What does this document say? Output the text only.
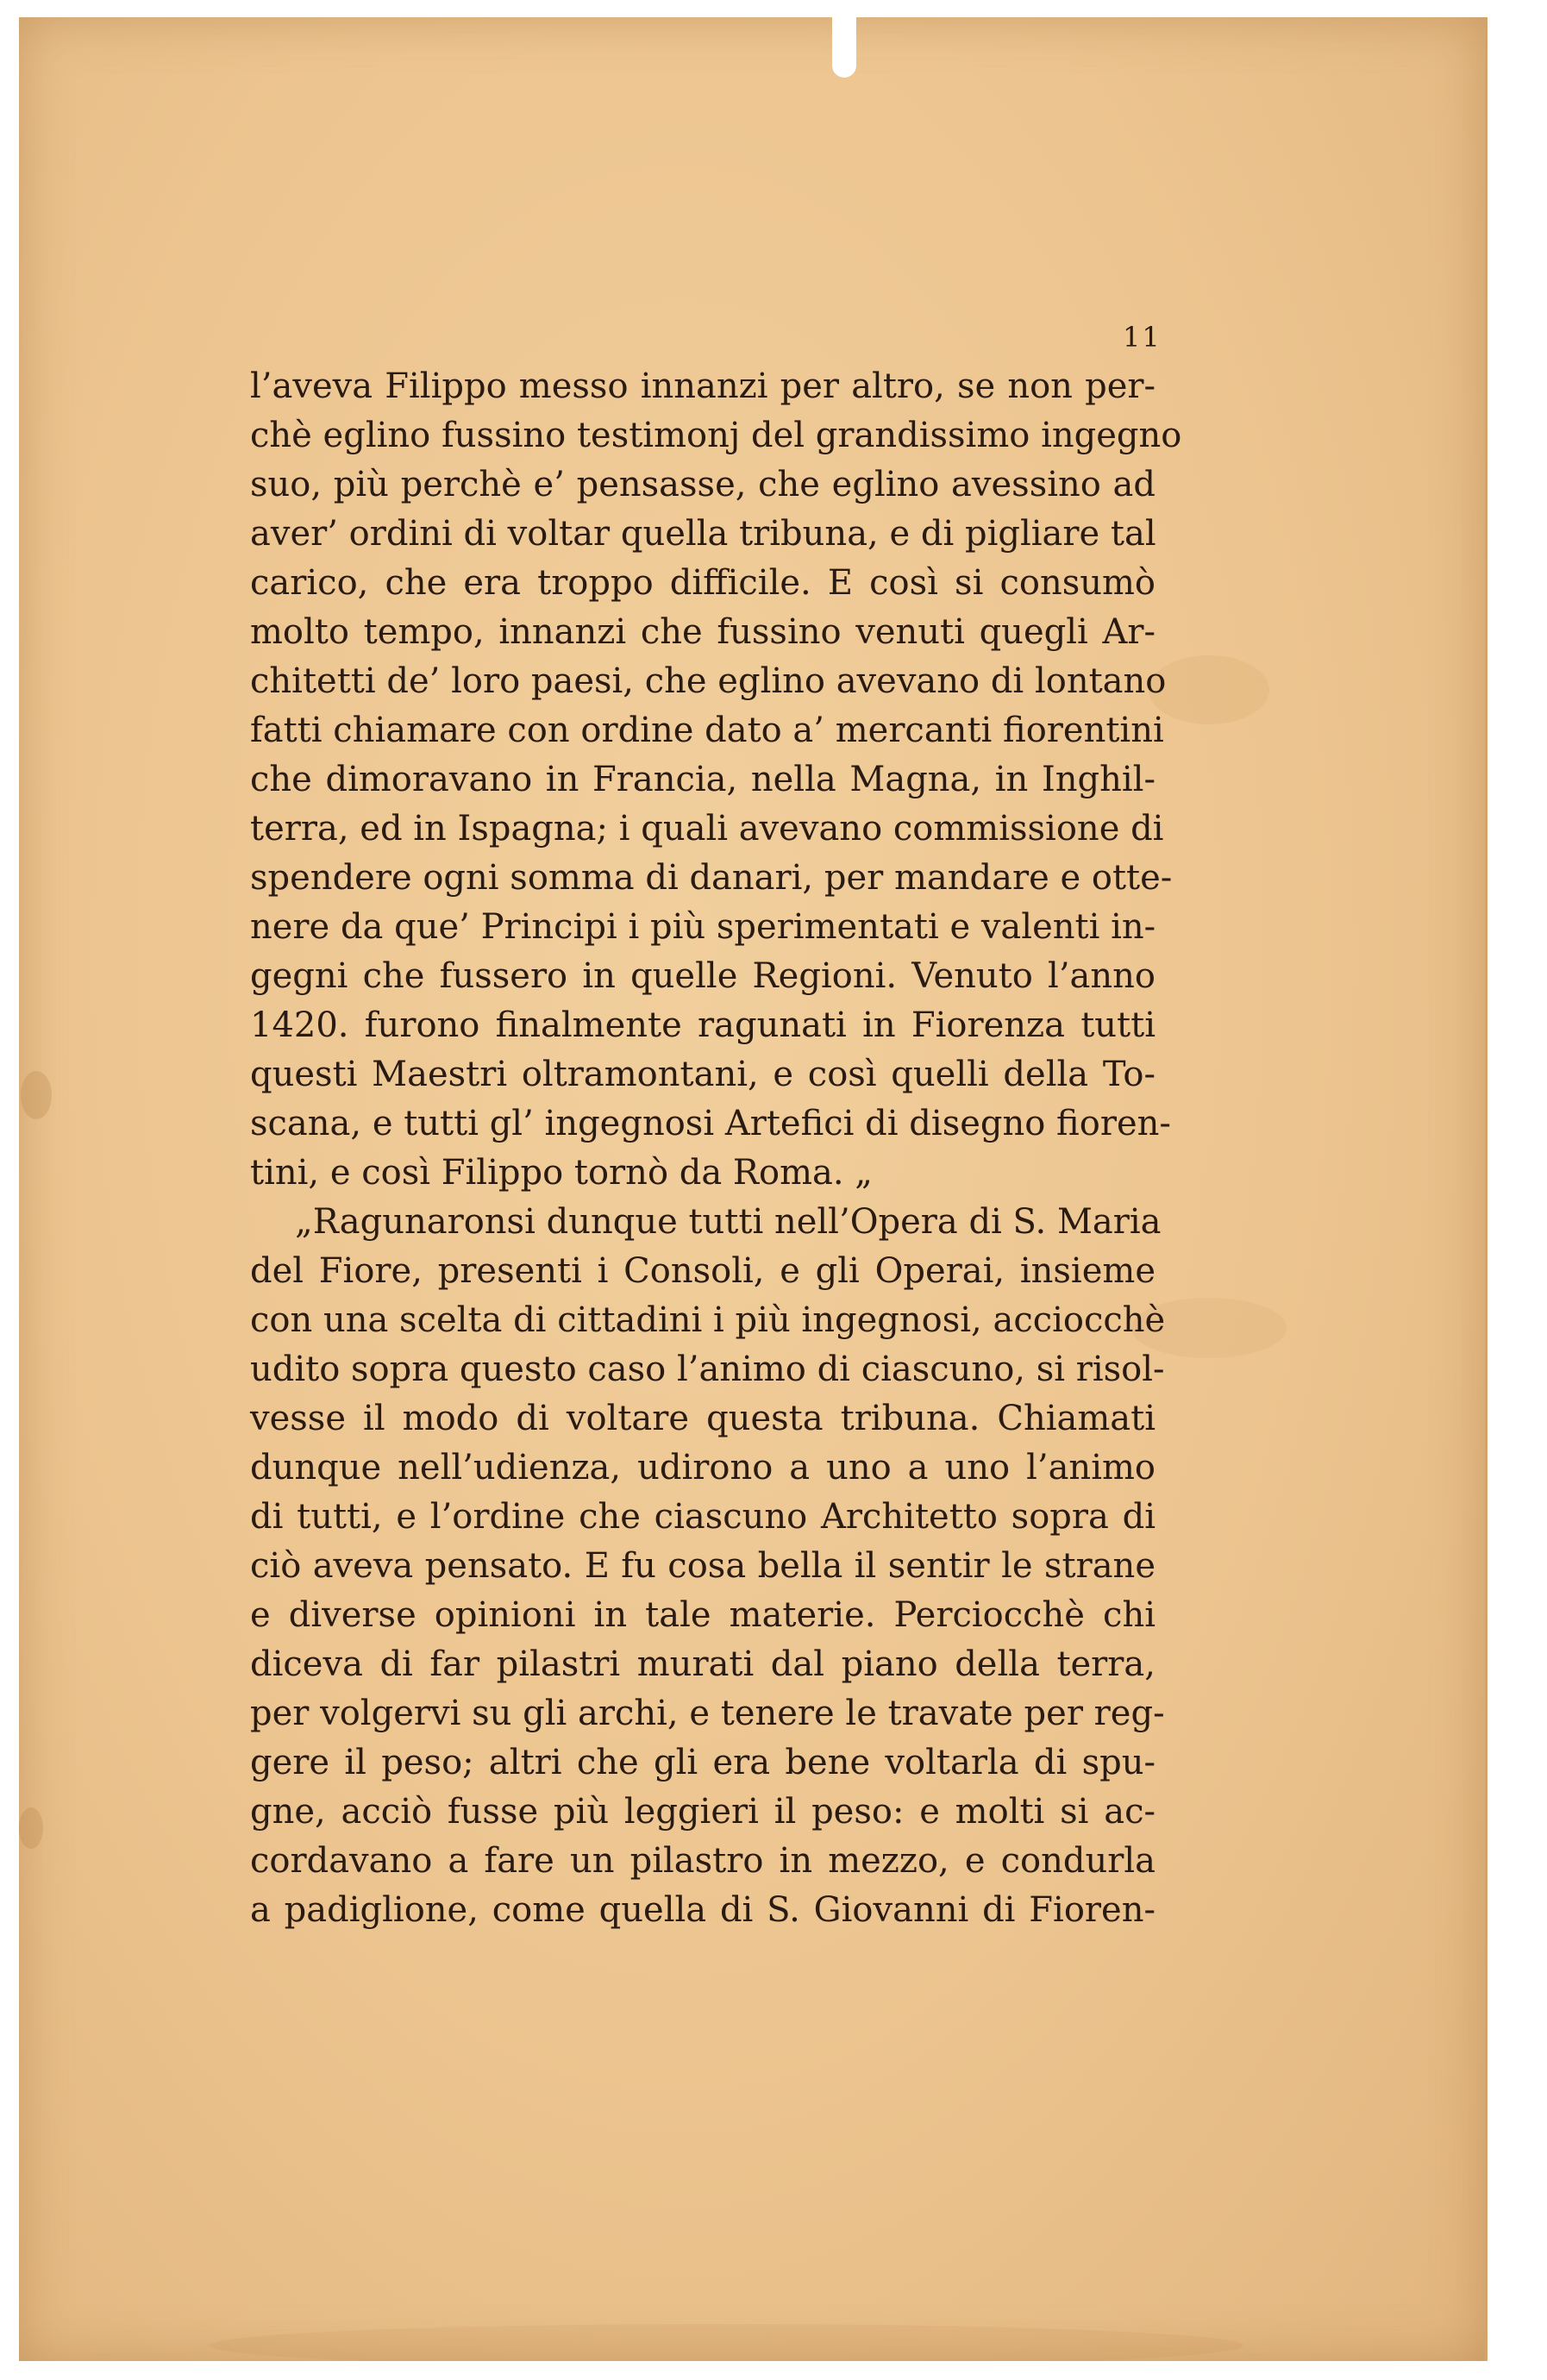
11
l’aveva Filippo messo innanzi per altro, se non per-
chè eglino fussino testimonj del grandissimo ingegno
suo, più perchè e’ pensasse, che eglino avessino ad
aver’ ordini di voltar quella tribuna, e di pigliare tal
carico, che era troppo difficile. E così si consumò
molto tempo, innanzi che fussino venuti quegli Ar-
chitetti de’ loro paesi, che eglino avevano di lontano
fatti chiamare con ordine dato a’ mercanti fiorentini
che dimoravano in Francia, nella Magna, in Inghil-
terra, ed in Ispagna; i quali avevano commissione di
spendere ogni somma di danari, per mandare e otte-
nere da que’ Principi i più sperimentati e valenti in-
gegni che fussero in quelle Regioni. Venuto l’anno
1420. furono finalmente ragunati in Fiorenza tutti
questi Maestri oltramontani, e così quelli della To-
scana, e tutti gl’ ingegnosi Artefici di disegno fioren-
tini, e così Filippo tornò da Roma. „
„Ragunaronsi dunque tutti nell’Opera di S. Maria
del Fiore, presenti i Consoli, e gli Operai, insieme
con una scelta di cittadini i più ingegnosi, acciocchè
udito sopra questo caso l’animo di ciascuno, si risol-
vesse il modo di voltare questa tribuna. Chiamati
dunque nell’udienza, udirono a uno a uno l’animo
di tutti, e l’ordine che ciascuno Architetto sopra di
ciò aveva pensato. E fu cosa bella il sentir le strane
e diverse opinioni in tale materie. Perciocchè chi
diceva di far pilastri murati dal piano della terra,
per volgervi su gli archi, e tenere le travate per reg-
gere il peso; altri che gli era bene voltarla di spu-
gne, acciò fusse più leggieri il peso: e molti si ac-
cordavano a fare un pilastro in mezzo, e condurla
a padiglione, come quella di S. Giovanni di Fioren-
